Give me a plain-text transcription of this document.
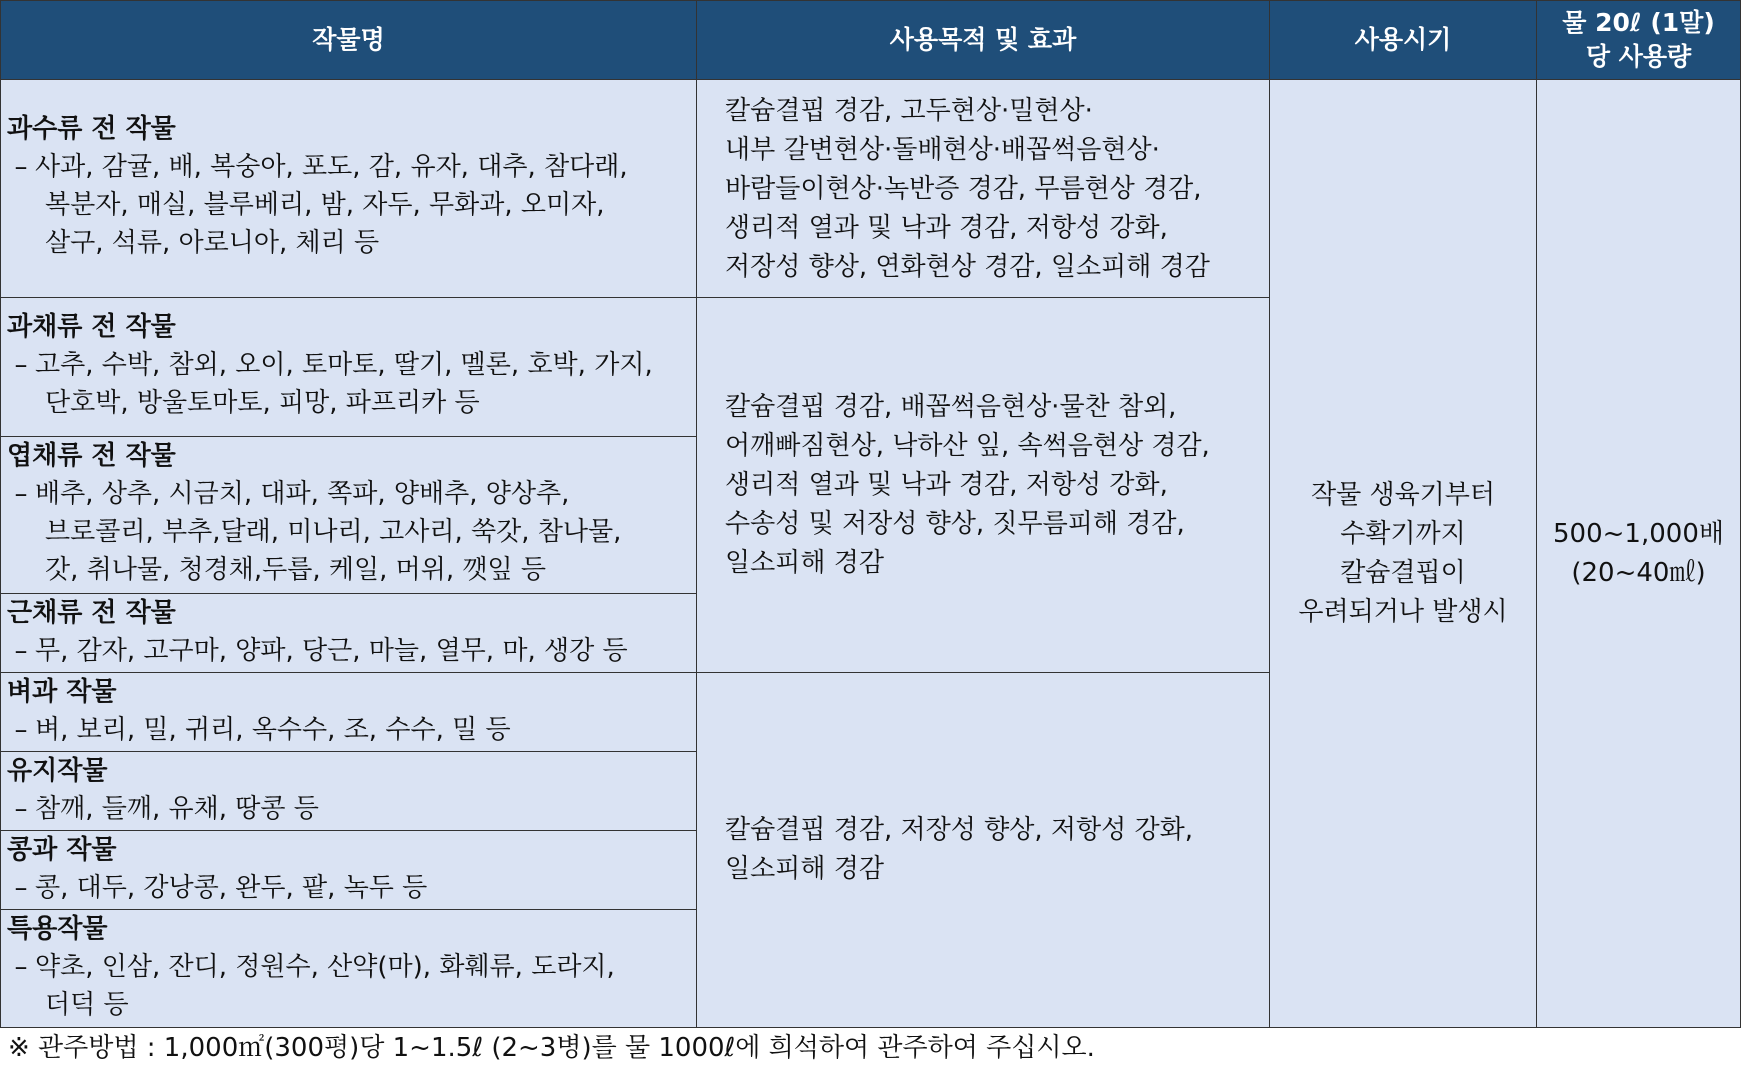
작물명	사용목적 및 효과	사용시기
물 20ℓ (1말)
당 사용량
과수류 전 작물
– 사과, 감귤, 배, 복숭아, 포도, 감, 유자, 대추, 참다래,
복분자, 매실, 블루베리, 밤, 자두, 무화과, 오미자,
살구, 석류, 아로니아, 체리 등
과채류 전 작물
– 고추, 수박, 참외, 오이, 토마토, 딸기, 멜론, 호박, 가지,
단호박, 방울토마토, 피망, 파프리카 등
엽채류 전 작물
– 배추, 상추, 시금치, 대파, 쪽파, 양배추, 양상추,
브로콜리, 부추,달래, 미나리, 고사리, 쑥갓, 참나물,
갓, 취나물, 청경채,두릅, 케일, 머위, 깻잎 등
근채류 전 작물
– 무, 감자, 고구마, 양파, 당근, 마늘, 열무, 마, 생강 등
벼과 작물
– 벼, 보리, 밀, 귀리, 옥수수, 조, 수수, 밀 등
유지작물
– 참깨, 들깨, 유채, 땅콩 등
콩과 작물
– 콩, 대두, 강낭콩, 완두, 팥, 녹두 등
특용작물
– 약초, 인삼, 잔디, 정원수, 산약(마), 화훼류, 도라지,
더덕 등
칼슘결핍 경감, 고두현상·밀현상·
내부 갈변현상·돌배현상·배꼽썩음현상·
바람들이현상·녹반증 경감, 무름현상 경감,
생리적 열과 및 낙과 경감, 저항성 강화,
저장성 향상, 연화현상 경감, 일소피해 경감
칼슘결핍 경감, 배꼽썩음현상·물찬 참외,
어깨빠짐현상, 낙하산 잎, 속썩음현상 경감,
생리적 열과 및 낙과 경감, 저항성 강화,
수송성 및 저장성 향상, 짓무름피해 경감,
일소피해 경감
칼슘결핍 경감, 저장성 향상, 저항성 강화,
일소피해 경감
작물 생육기부터
수확기까지
칼슘결핍이
우려되거나 발생시
500~1,000배
(20~40㎖)
※ 관주방법 : 1,000㎡(300평)당 1~1.5ℓ (2~3병)를 물 1000ℓ에 희석하여 관주하여 주십시오.
